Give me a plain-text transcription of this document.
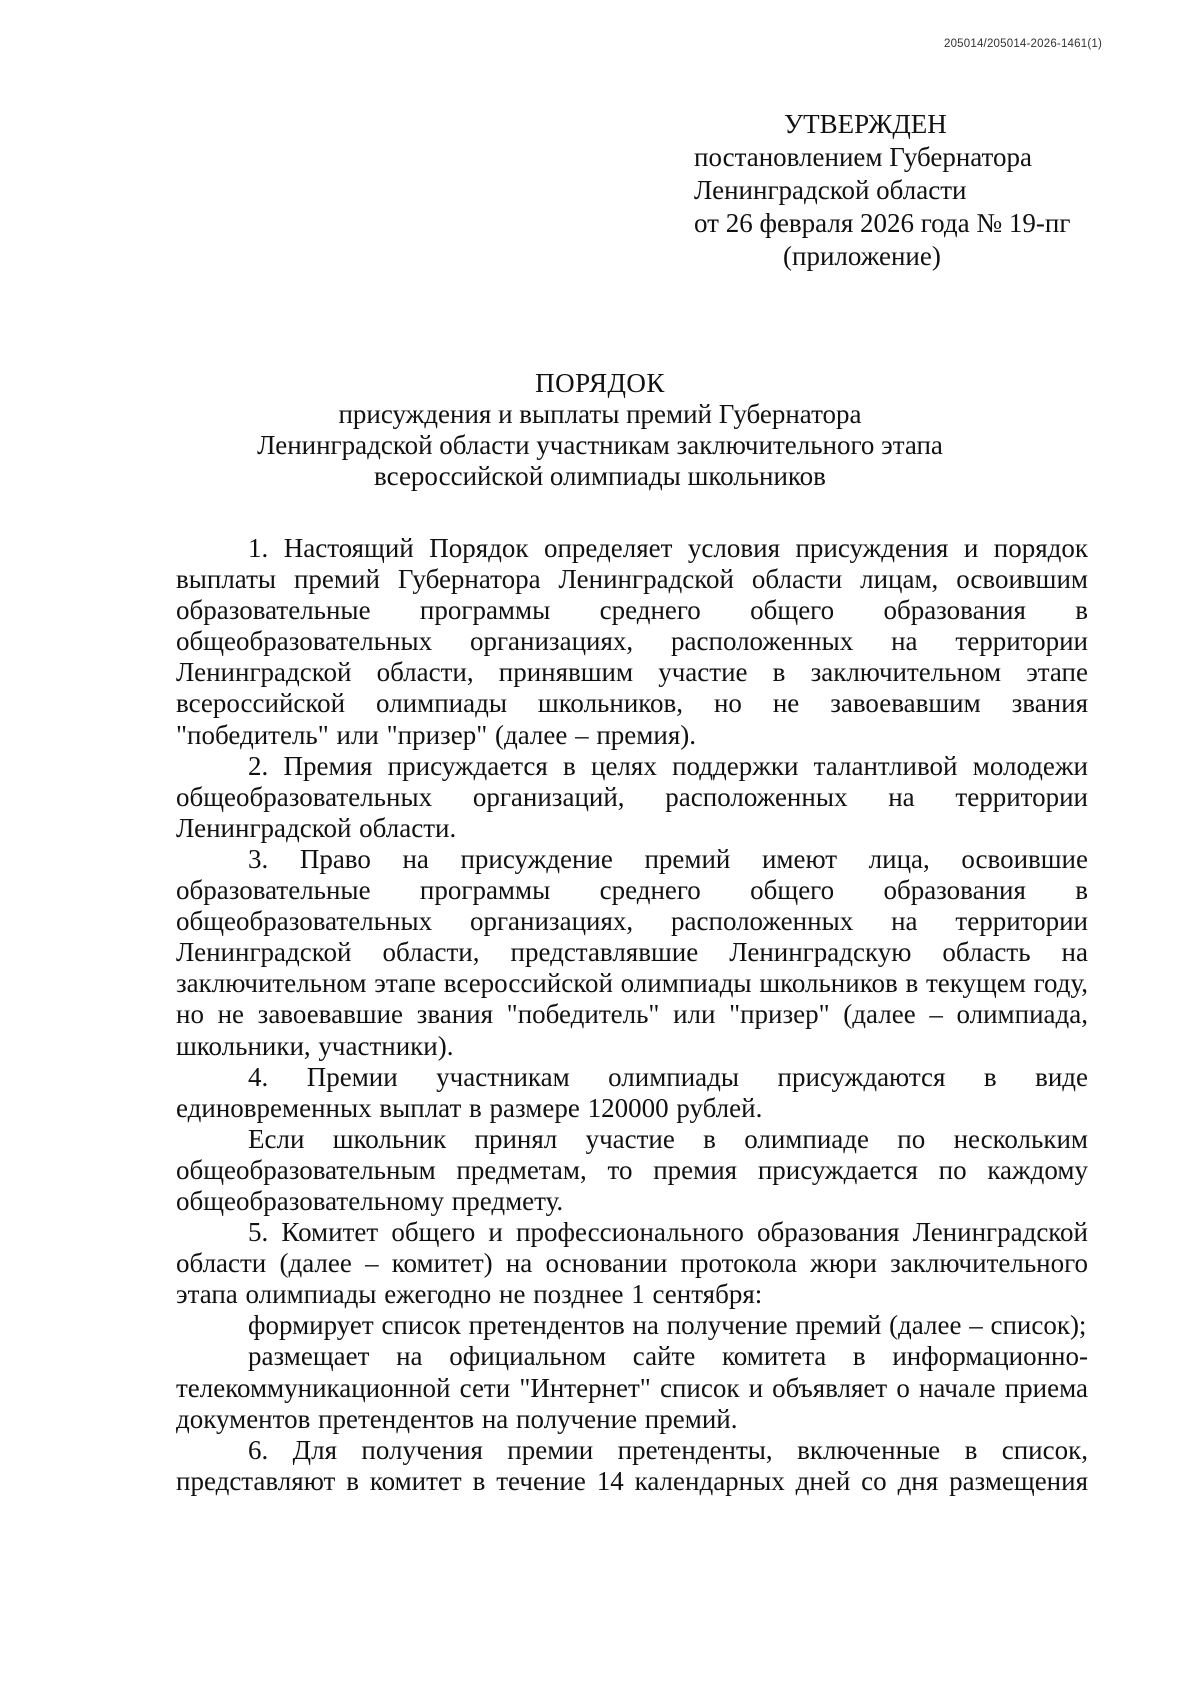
205014/205014-2026-1461(1)
УТВЕРЖДЕН
постановлением Губернатора
Ленинградской области
от 26 февраля 2026 года № 19-пг
(приложение)
ПОРЯДОК
присуждения и выплаты премий Губернатора
Ленинградской области участникам заключительного этапа
всероссийской олимпиады школьников

1. Настоящий Порядок определяет условия присуждения и порядок выплаты премий Губернатора Ленинградской области лицам, освоившим образовательные программы среднего общего образования в общеобразовательных организациях, расположенных на территории Ленинградской области, принявшим участие в заключительном этапе всероссийской олимпиады школьников, но не завоевавшим звания "победитель" или "призер" (далее – премия).

2. Премия присуждается в целях поддержки талантливой молодежи общеобразовательных организаций, расположенных на территории Ленинградской области.

3. Право на присуждение премий имеют лица, освоившие образовательные программы среднего общего образования в общеобразовательных организациях, расположенных на территории Ленинградской области, представлявшие Ленинградскую область на заключительном этапе всероссийской олимпиады школьников в текущем году, но не завоевавшие звания "победитель" или "призер" (далее – олимпиада, школьники, участники).

4. Премии участникам олимпиады присуждаются в виде единовременных выплат в размере 120000 рублей.

Если школьник принял участие в олимпиаде по нескольким общеобразовательным предметам, то премия присуждается по каждому общеобразовательному предмету.

5. Комитет общего и профессионального образования Ленинградской области (далее – комитет) на основании протокола жюри заключительного этапа олимпиады ежегодно не позднее 1 сентября:

формирует список претендентов на получение премий (далее – список);

размещает на официальном сайте комитета в информационно-телекоммуникационной сети "Интернет" список и объявляет о начале приема документов претендентов на получение премий.

6. Для получения премии претенденты, включенные в список, представляют в комитет в течение 14 календарных дней со дня размещения
